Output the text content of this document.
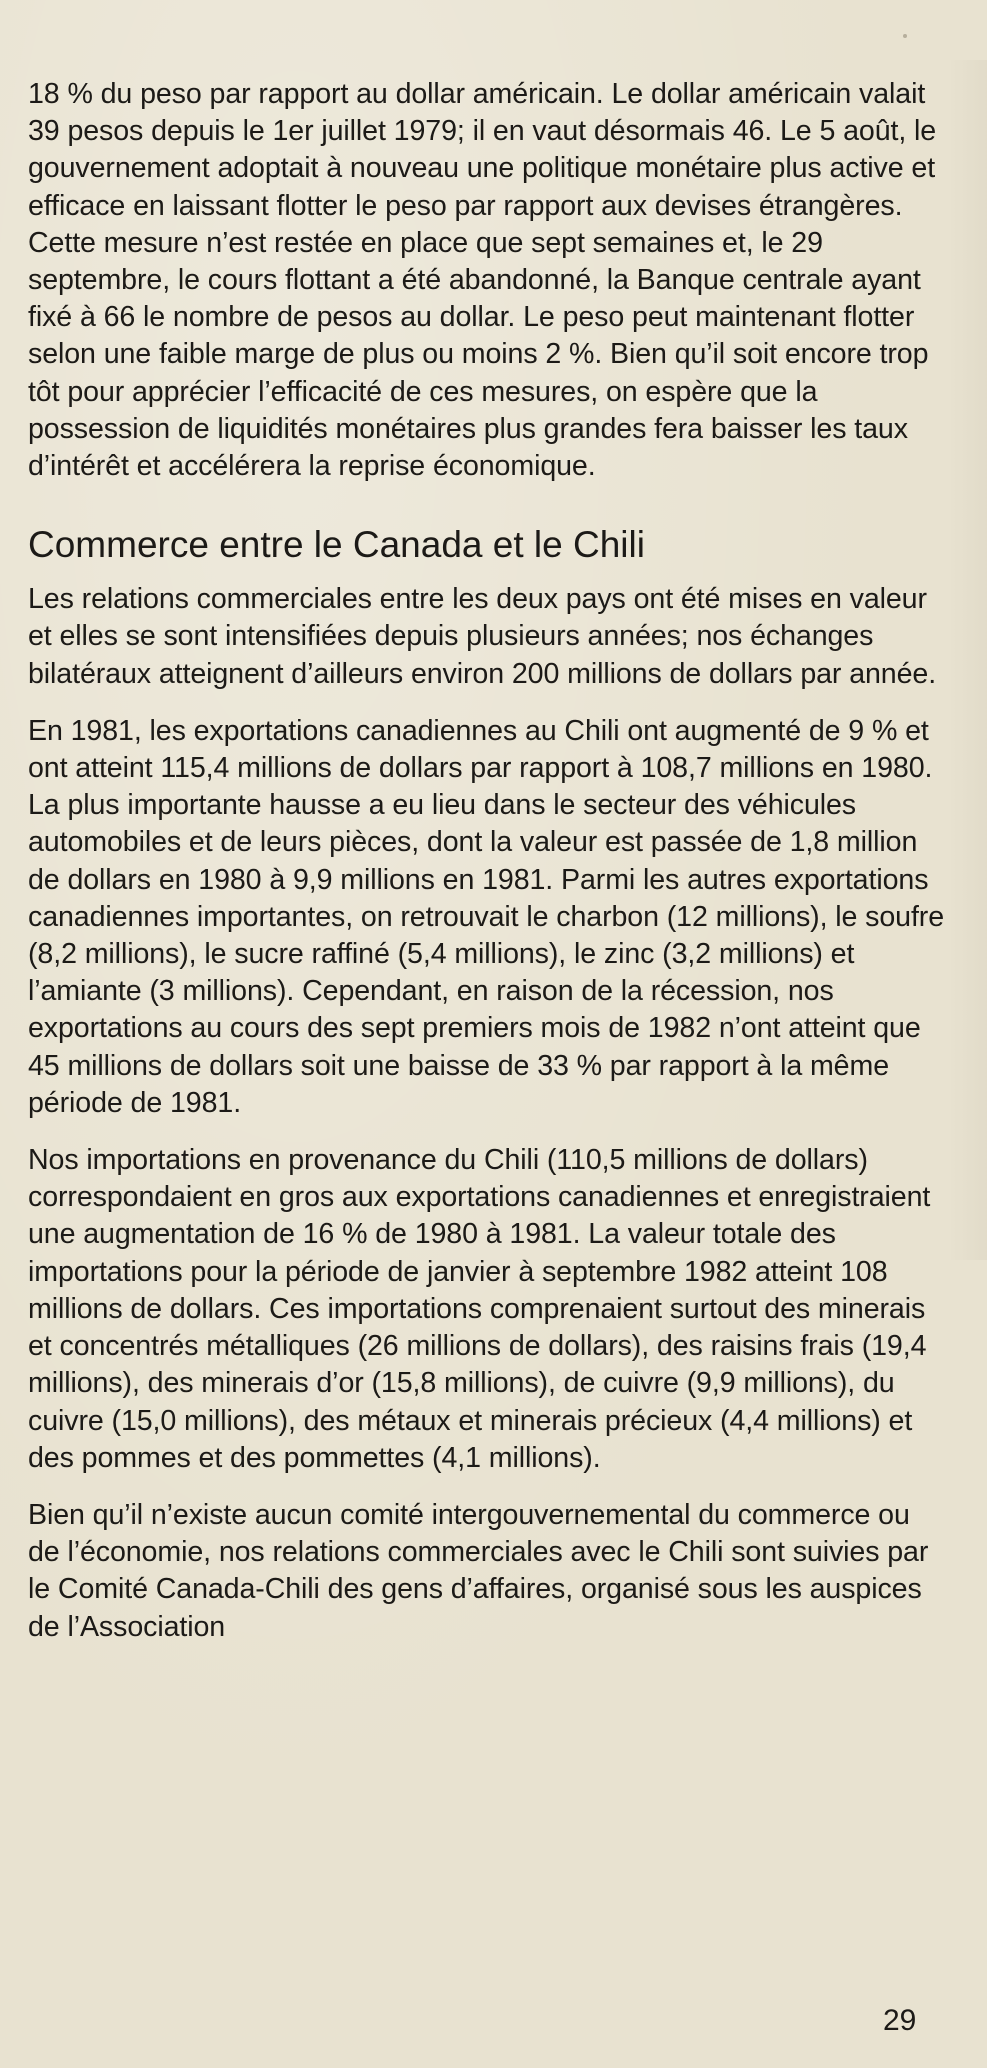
18 % du peso par rapport au dollar américain. Le dollar américain valait 39 pesos depuis le 1er juillet 1979; il en vaut désormais 46. Le 5 août, le gouvernement adoptait à nouveau une politique monétaire plus active et efficace en laissant flotter le peso par rapport aux devises étrangères. Cette mesure n’est restée en place que sept semaines et, le 29 septembre, le cours flottant a été abandonné, la Banque centrale ayant fixé à 66 le nombre de pesos au dollar. Le peso peut maintenant flotter selon une faible marge de plus ou moins 2 %. Bien qu’il soit encore trop tôt pour apprécier l’efficacité de ces mesures, on espère que la possession de liquidités monétaires plus grandes fera baisser les taux d’intérêt et accélérera la reprise économique.

Commerce entre le Canada et le Chili

Les relations commerciales entre les deux pays ont été mises en valeur et elles se sont intensifiées depuis plusieurs années; nos échanges bilatéraux atteignent d’ailleurs environ 200 millions de dollars par année.

En 1981, les exportations canadiennes au Chili ont augmenté de 9 % et ont atteint 115,4 millions de dollars par rapport à 108,7 millions en 1980. La plus importante hausse a eu lieu dans le secteur des véhicules automobiles et de leurs pièces, dont la valeur est passée de 1,8 million de dollars en 1980 à 9,9 millions en 1981. Parmi les autres exportations canadiennes importantes, on retrouvait le charbon (12 millions), le soufre (8,2 millions), le sucre raffiné (5,4 millions), le zinc (3,2 millions) et l’amiante (3 millions). Cependant, en raison de la récession, nos exportations au cours des sept premiers mois de 1982 n’ont atteint que 45 millions de dollars soit une baisse de 33 % par rapport à la même période de 1981.

Nos importations en provenance du Chili (110,5 millions de dollars) correspondaient en gros aux exportations canadiennes et enregistraient une augmentation de 16 % de 1980 à 1981. La valeur totale des importations pour la période de janvier à septembre 1982 atteint 108 millions de dollars. Ces importations comprenaient surtout des minerais et concentrés métalliques (26 millions de dollars), des raisins frais (19,4 millions), des minerais d’or (15,8 millions), de cuivre (9,9 millions), du cuivre (15,0 millions), des métaux et minerais précieux (4,4 millions) et des pommes et des pommettes (4,1 millions).

Bien qu’il n’existe aucun comité intergouvernemental du commerce ou de l’économie, nos relations commerciales avec le Chili sont suivies par le Comité Canada-Chili des gens d’affaires, organisé sous les auspices de l’Association

29
